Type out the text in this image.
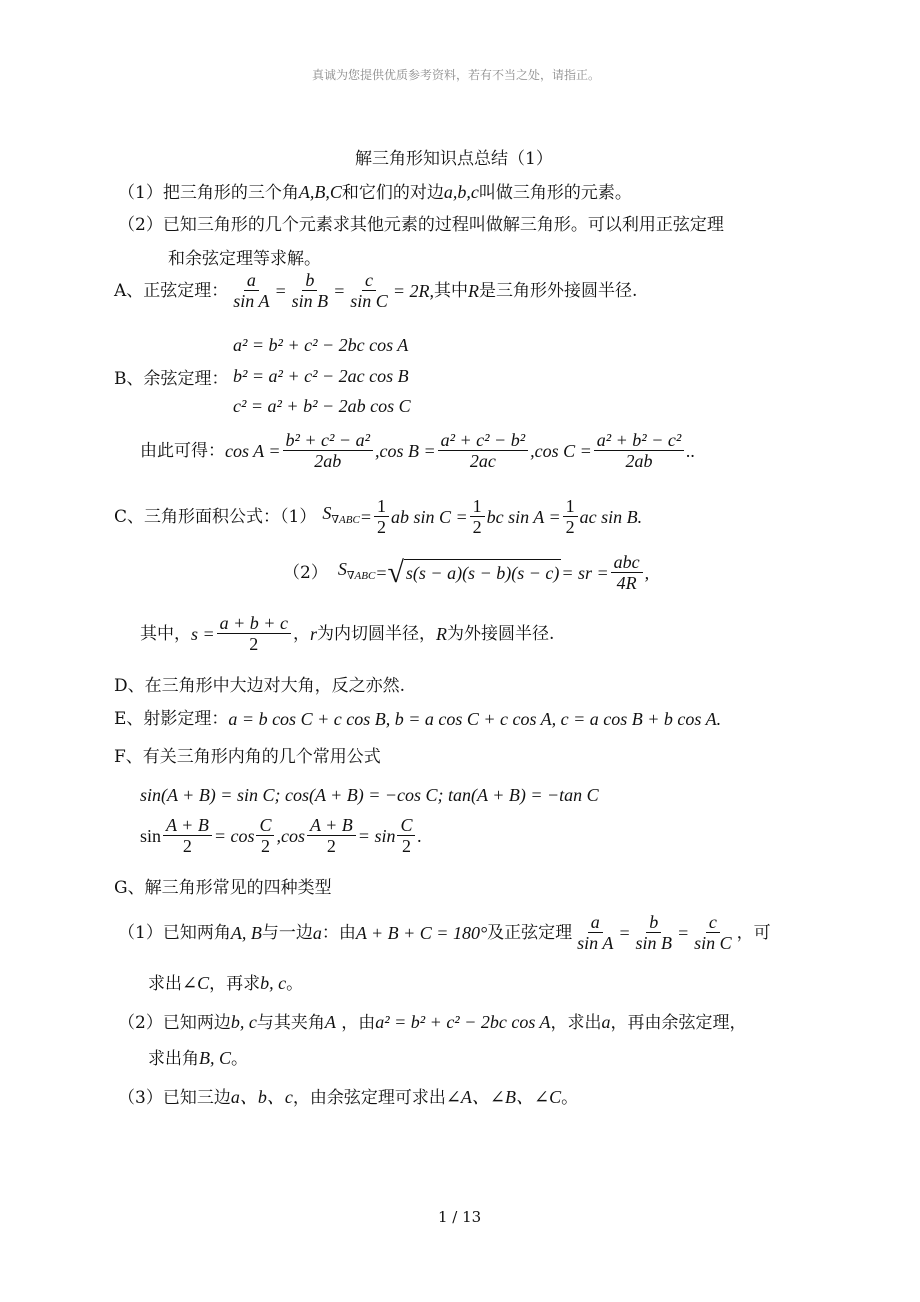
真诚为您提供优质参考资料，若有不当之处，请指正。
解三角形知识点总结（1）
（1）把三角形的三个角A,B,C和它们的对边a,b,c叫做三角形的元素。
（2）已知三角形的几个元素求其他元素的过程叫做解三角形。可以利用正弦定理
和余弦定理等求解。
A、正弦定理： $\frac{a}{\text{sin A}} = \frac{b}{\text{sin B}} = \frac{c}{\text{sin C}} = 2R$, 其中 R 是三角形外接圆半径.
a² = b² + c² − 2bc cos A
B、余弦定理： b² = a² + c² − 2ac cos B
c² = a² + b² − 2ab cos C
由此可得： $\cos A = \frac{\text{b² + c² − a²}}{2ab} ,\cos$ $B = \frac{\text{a² + c² − b²}}{2ac} ,\cos$ $C = \frac{\text{a² + b² − c²}}{2ab}$ ..
C、三角形面积公式：（1） $S_{\nabla ABC} = \frac{1}{2}$ ab $\sin C = \frac{1}{2}$ bc $\sin A = \frac{1}{2}$ ac sin B.
（2） $S_{\nabla ABC}$ = √ s(s − a)(s − b)(s − c) = sr =
abc
4R
,
其中， $s = \frac{a + b + c}{2}$ ， r 为内切圆半径， R 为外接圆半径.
D、在三角形中大边对大角，反之亦然.
E、射影定理： a = b cos C + c cos B, b = a cos C + c cos A, c = a cos B + b cos A.
F、有关三角形内角的几个常用公式
sin(A + B) = sin C; cos(A + B) = −cos C; tan(A + B) = −tan C
$\sin \frac{A + B}{2} = \cos$
C
2
$,\cos \frac{A + B}{2} = \sin$
C
2
.
G、解三角形常见的四种类型
（1）已知两角 A, B 与一边 a ：由 A + B + C = 180° 及正弦定理 $\frac{a}{\text{sin A}} = \frac{b}{\text{sin B}} = \frac{c}{\text{sin C}}$ ，可
求出∠C，再求b, c。
（2）已知两边b, c与其夹角A ，由a² = b² + c² − 2bc cos A，求出a，再由余弦定理，
求出角B, C。
（3）已知三边a、b、c，由余弦定理可求出∠A、∠B、∠C。
1 / 13
